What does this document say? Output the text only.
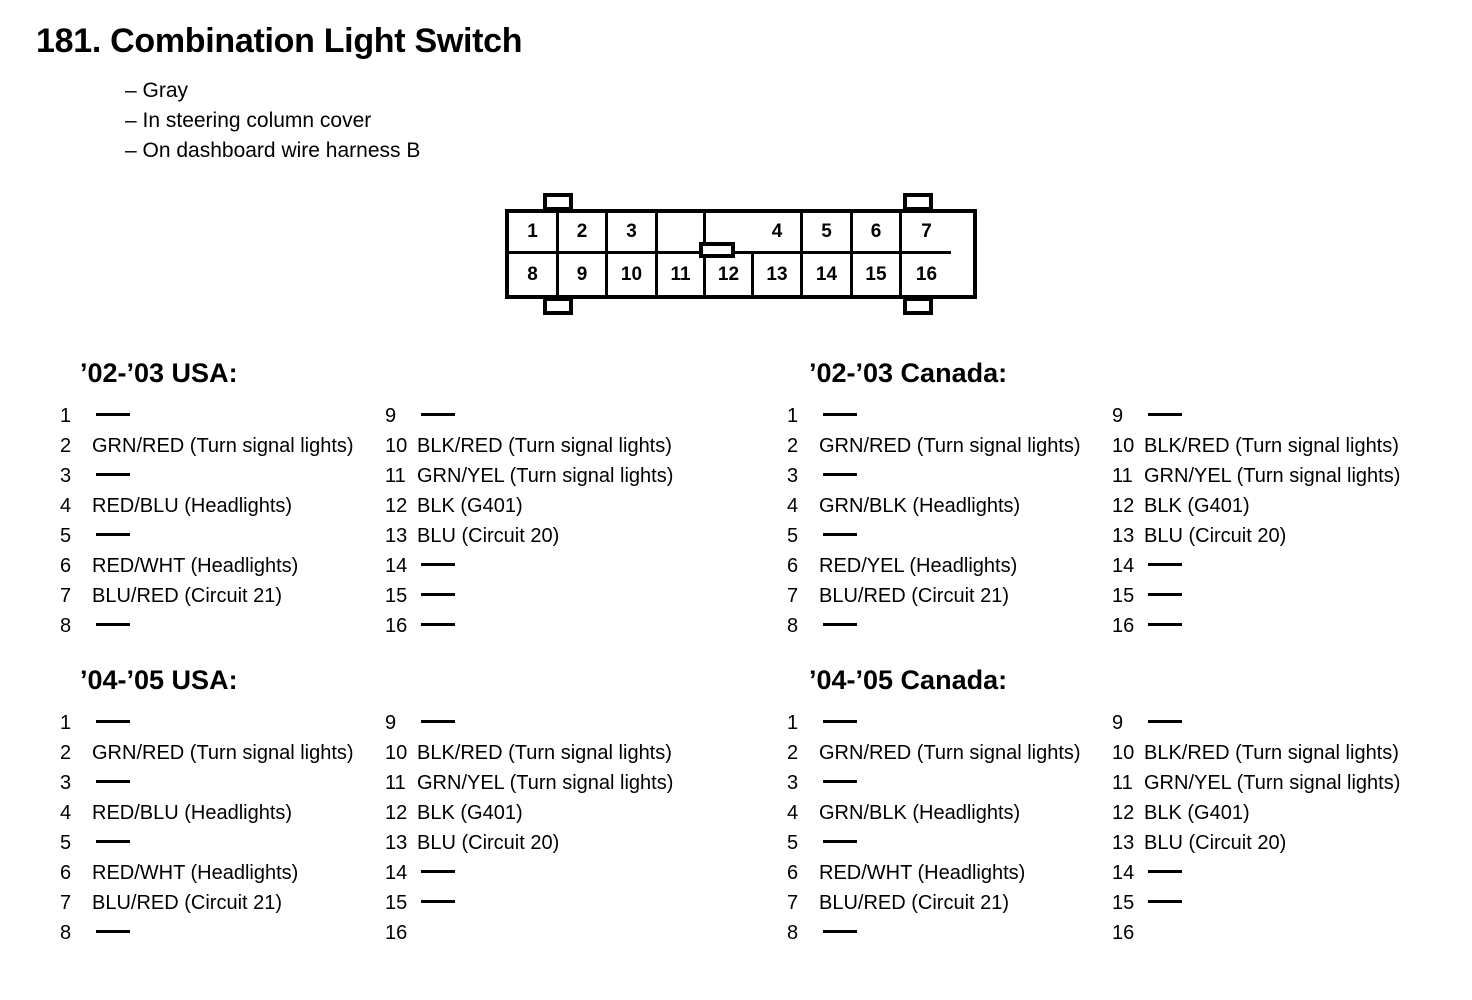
181. Combination Light Switch
– Gray
– In steering column cover
– On dashboard wire harness B
1	2	3	4	5	6	7
8	9	10	11	12	13	14	15	16
’02-’03 USA:
1
2	GRN/RED (Turn signal lights)
3
4	RED/BLU (Headlights)
5
6	RED/WHT (Headlights)
7	BLU/RED (Circuit 21)
8
9
10 BLK/RED (Turn signal lights)
11 GRN/YEL (Turn signal lights)
12 BLK (G401)
13 BLU (Circuit 20)
14
15
16
’02-’03 Canada:
1
2	GRN/RED (Turn signal lights)
3
4	GRN/BLK (Headlights)
5
6	RED/YEL (Headlights)
7	BLU/RED (Circuit 21)
8
9
10 BLK/RED (Turn signal lights)
11 GRN/YEL (Turn signal lights)
12 BLK (G401)
13 BLU (Circuit 20)
14
15
16
’04-’05 USA:
1
2	GRN/RED (Turn signal lights)
3
4	RED/BLU (Headlights)
5
6	RED/WHT (Headlights)
7	BLU/RED (Circuit 21)
8
9
10 BLK/RED (Turn signal lights)
11 GRN/YEL (Turn signal lights)
12 BLK (G401)
13 BLU (Circuit 20)
14
15
16
’04-’05 Canada:
1
2	GRN/RED (Turn signal lights)
3
4	GRN/BLK (Headlights)
5
6	RED/WHT (Headlights)
7	BLU/RED (Circuit 21)
8
9
10 BLK/RED (Turn signal lights)
11 GRN/YEL (Turn signal lights)
12 BLK (G401)
13 BLU (Circuit 20)
14
15
16
